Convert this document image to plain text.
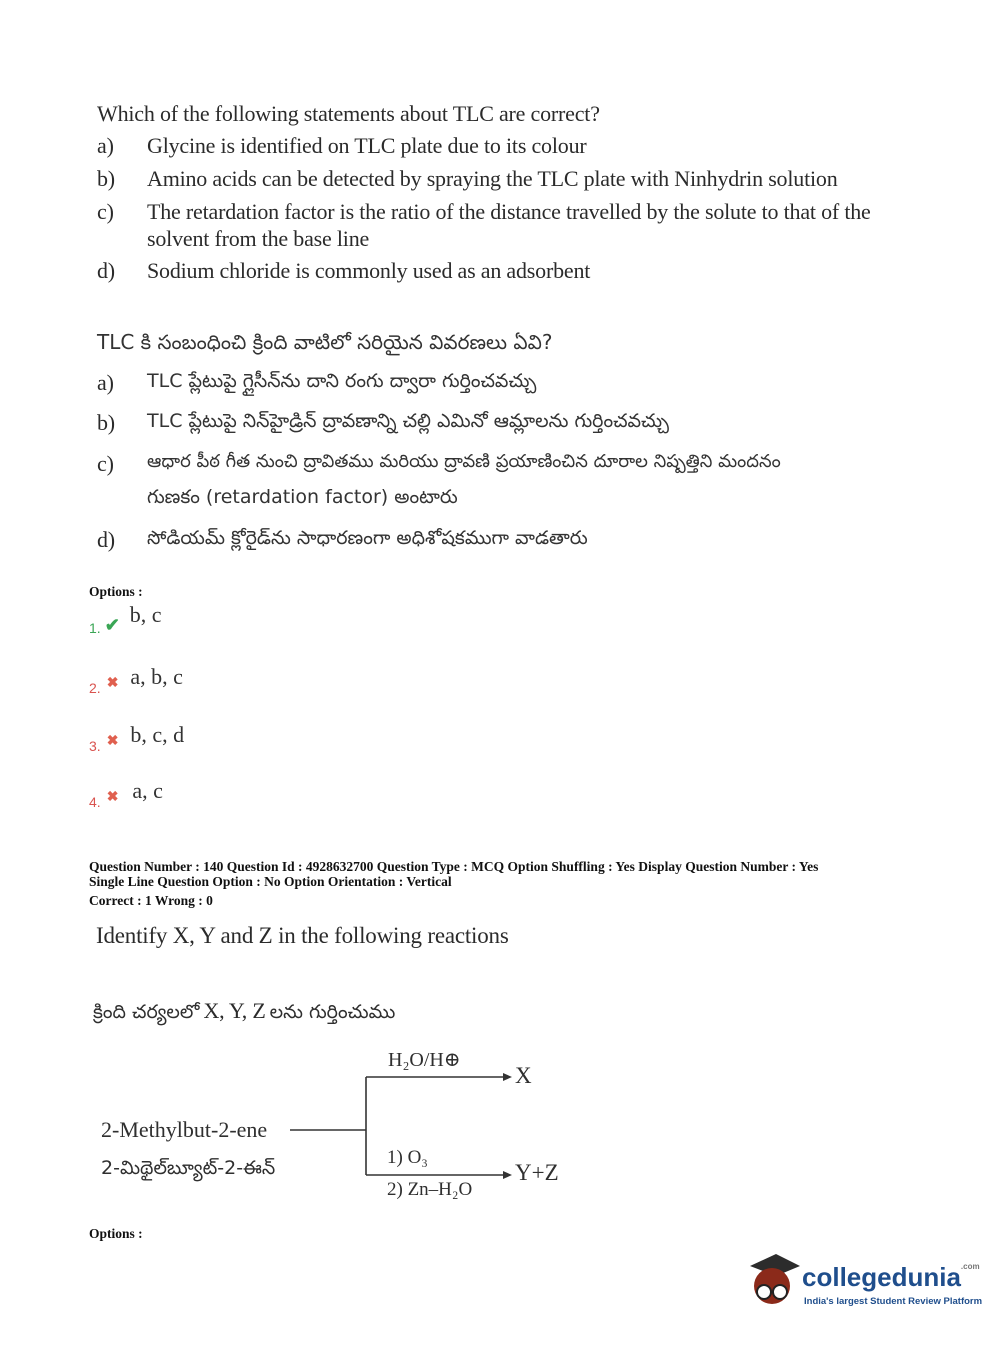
Which of the following statements about TLC are correct?
a) Glycine is identified on TLC plate due to its colour
b) Amino acids can be detected by spraying the TLC plate with Ninhydrin solution
c) The retardation factor is the ratio of the distance travelled by the solute to that of the
solvent from the base line
d) Sodium chloride is commonly used as an adsorbent
TLC కి సంబంధించి క్రింది వాటిలో సరియైన వివరణలు ఏవి?
a) TLC ప్లేటుపై గ్లైసీన్‌ను దాని రంగు ద్వారా గుర్తించవచ్చు
b) TLC ప్లేటుపై నిన్‌హైడ్రిన్ ద్రావణాన్ని చల్లి ఎమినో ఆమ్లాలను గుర్తించవచ్చు
c) ఆధార పీఠ గీత నుంచి ద్రావితము మరియు ద్రావణి ప్రయాణించిన దూరాల నిష్పత్తిని మందనం
గుణకం (retardation factor) అంటారు
d) సోడియమ్ క్లోరైడ్‌ను సాధారణంగా అధిశోషకముగా వాడతారు
Options :
1. ✔ b, c
2. ✖ a, b, c
3. ✖ b, c, d
4. ✖ a, c
Question Number : 140 Question Id : 4928632700 Question Type : MCQ Option Shuffling : Yes Display Question Number : Yes
Single Line Question Option : No Option Orientation : Vertical
Correct : 1 Wrong : 0
Identify X, Y and Z in the following reactions
క్రింది చర్యలలో X, Y, Z లను గుర్తించుము
2-Methylbut-2-ene
2-మిథైల్‌బ్యూట్-2-ఈన్
H₂O/H⊕
X
1) O₃
2) Zn–H₂O
Y+Z
Options :
collegedunia$^{.com}$
India's largest Student Review Platform
